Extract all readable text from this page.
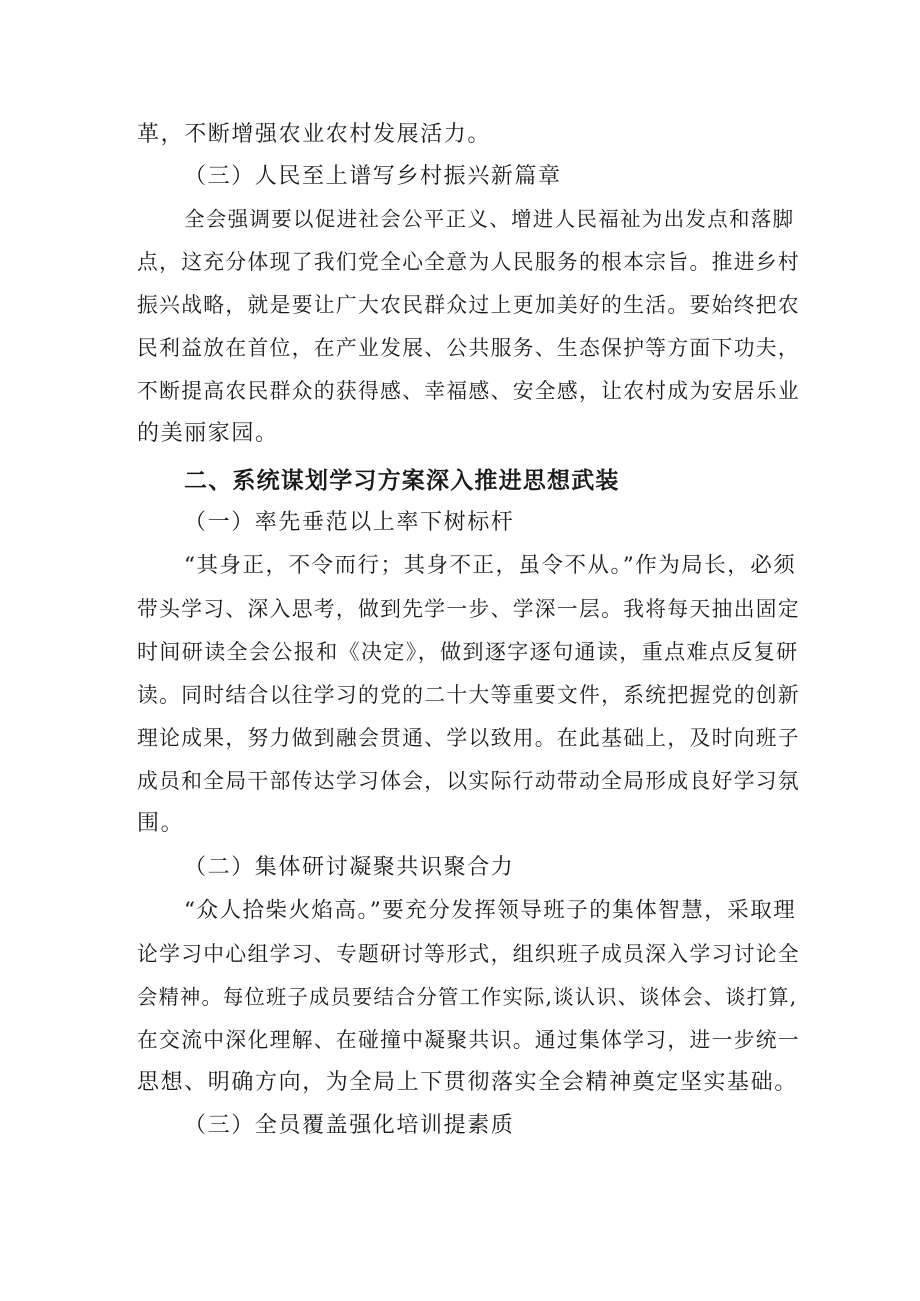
革，不断增强农业农村发展活力。
（三）人民至上谱写乡村振兴新篇章
全会强调要以促进社会公平正义、增进人民福祉为出发点和落脚
点，这充分体现了我们党全心全意为人民服务的根本宗旨。推进乡村
振兴战略，就是要让广大农民群众过上更加美好的生活。要始终把农
民利益放在首位，在产业发展、公共服务、生态保护等方面下功夫，
不断提高农民群众的获得感、幸福感、安全感，让农村成为安居乐业
的美丽家园。
二、系统谋划学习方案深入推进思想武装
（一）率先垂范以上率下树标杆
“其身正，不令而行；其身不正，虽令不从。”作为局长，必须
带头学习、深入思考，做到先学一步、学深一层。我将每天抽出固定
时间研读全会公报和《决定》，做到逐字逐句通读，重点难点反复研
读。同时结合以往学习的党的二十大等重要文件，系统把握党的创新
理论成果，努力做到融会贯通、学以致用。在此基础上，及时向班子
成员和全局干部传达学习体会，以实际行动带动全局形成良好学习氛
围。
（二）集体研讨凝聚共识聚合力
“众人拾柴火焰高。”要充分发挥领导班子的集体智慧，采取理
论学习中心组学习、专题研讨等形式，组织班子成员深入学习讨论全
会精神。每位班子成员要结合分管工作实际,谈认识、谈体会、谈打算,
在交流中深化理解、在碰撞中凝聚共识。通过集体学习，进一步统一
思想、明确方向，为全局上下贯彻落实全会精神奠定坚实基础。
（三）全员覆盖强化培训提素质
